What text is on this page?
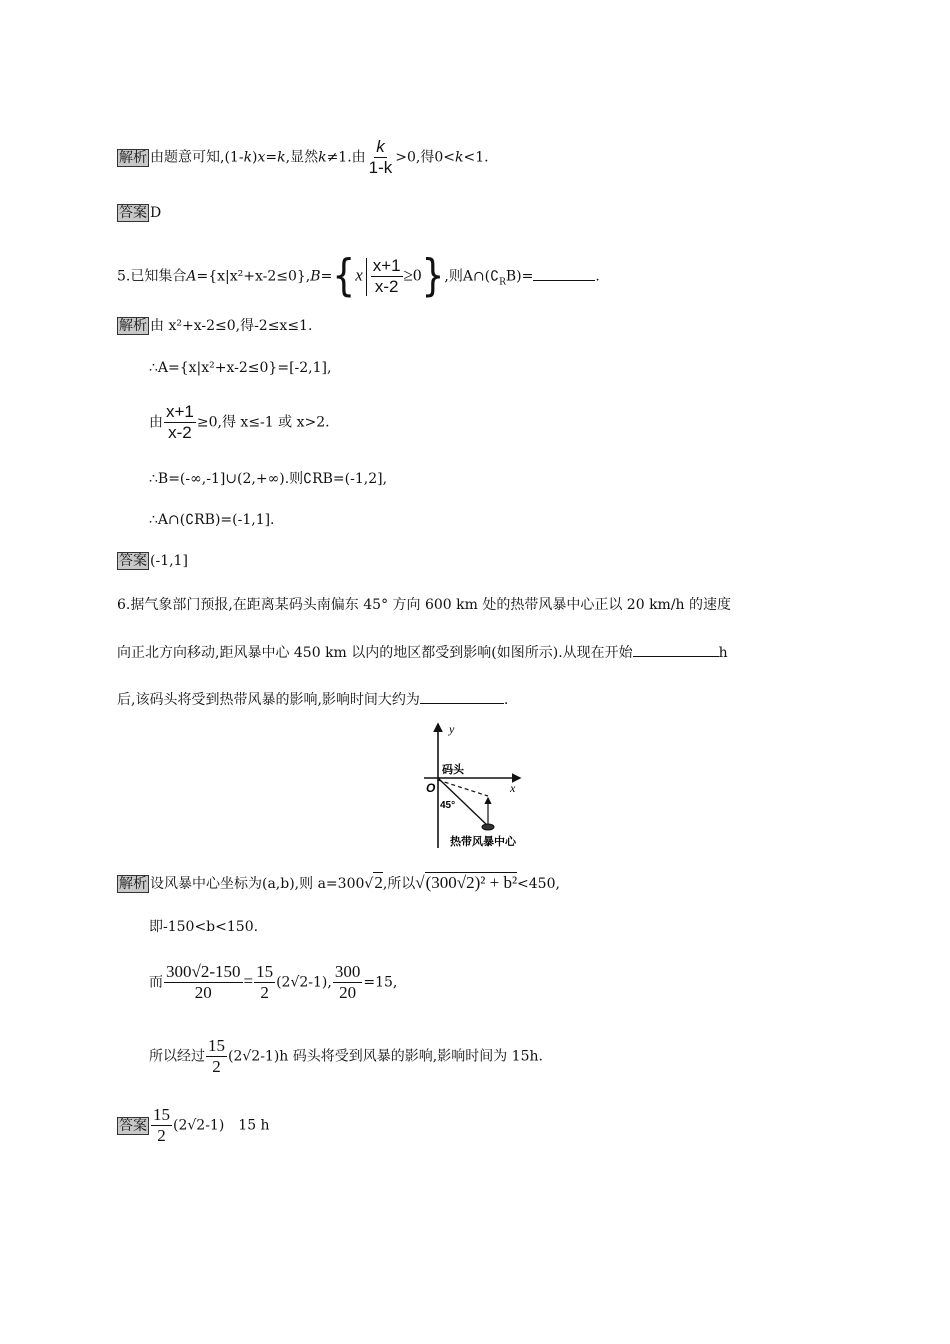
解析 由题意可知,(1-k)x=k,显然k≠1.由 $\frac{k}{1-k} >0$,得0<k<1.
答案 D
5.已知集合$A=\{x|x^2+x-2\le 0\},B=\{x \frac{x+1}{x-2} \ge 0\}$,则$A\cap(∁_RB)=$	.
解析 由 x²+x-2≤0,得-2≤x≤1.
∴A={x|x²+x-2≤0}=[-2,1],
由 $\frac{x+1}{x-2} \ge 0$,得 x≤-1 或 x>2.
∴B=(-∞,-1]∪(2,+∞).则∁RB=(-1,2],
∴A∩(∁RB)=(-1,1].
答案 (-1,1]
6.据气象部门预报,在距离某码头南偏东 45° 方向 600 km 处的热带风暴中心正以 20 km/h 的速度
向正北方向移动,距风暴中心 450 km 以内的地区都受到影响(如图所示).从现在开始	h
后,该码头将受到热带风暴的影响,影响时间大约为	.
y
x
O
码头
45°
热带风暴中心
解析 设风暴中心坐标为(a,b),则 a=300√2,所以√(300√2)² + b²<450,
即-150<b<150.
而 $\frac{300√2-150}{20} = \frac{15}{2} (2√2-1)$, $\frac{300}{20} =15$,
所以经过 $\frac{15}{2} (2√2-1)h$ 码头将受到风暴的影响,影响时间为 15h.
答案 $\frac{15}{2} (2√2-1)$　15 h
